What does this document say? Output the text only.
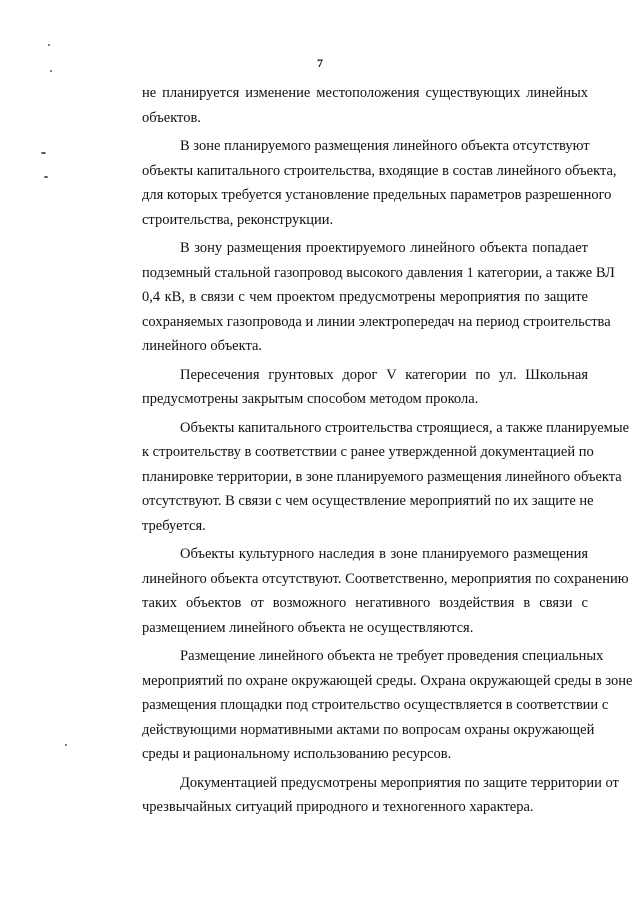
7
не планируется изменение местоположения существующих линейных
объектов.
В зоне планируемого размещения линейного объекта отсутствуют
объекты капитального строительства, входящие в состав линейного объекта,
для которых требуется установление предельных параметров разрешенного
строительства, реконструкции.
В зону размещения проектируемого линейного объекта попадает
подземный стальной газопровод высокого давления 1 категории, а также ВЛ
0,4 кВ, в связи с чем проектом предусмотрены мероприятия по защите
сохраняемых газопровода и линии электропередач на период строительства
линейного объекта.
Пересечения грунтовых дорог V категории по ул. Школьная
предусмотрены закрытым способом методом прокола.
Объекты капитального строительства строящиеся, а также планируемые
к строительству в соответствии с ранее утвержденной документацией по
планировке территории, в зоне планируемого размещения линейного объекта
отсутствуют. В связи с чем осуществление мероприятий по их защите не
требуется.
Объекты культурного наследия в зоне планируемого размещения
линейного объекта отсутствуют. Соответственно, мероприятия по сохранению
таких объектов от возможного негативного воздействия в связи с
размещением линейного объекта не осуществляются.
Размещение линейного объекта не требует проведения специальных
мероприятий по охране окружающей среды. Охрана окружающей среды в зоне
размещения площадки под строительство осуществляется в соответствии с
действующими нормативными актами по вопросам охраны окружающей
среды и рациональному использованию ресурсов.
Документацией предусмотрены мероприятия по защите территории от
чрезвычайных ситуаций природного и техногенного характера.
